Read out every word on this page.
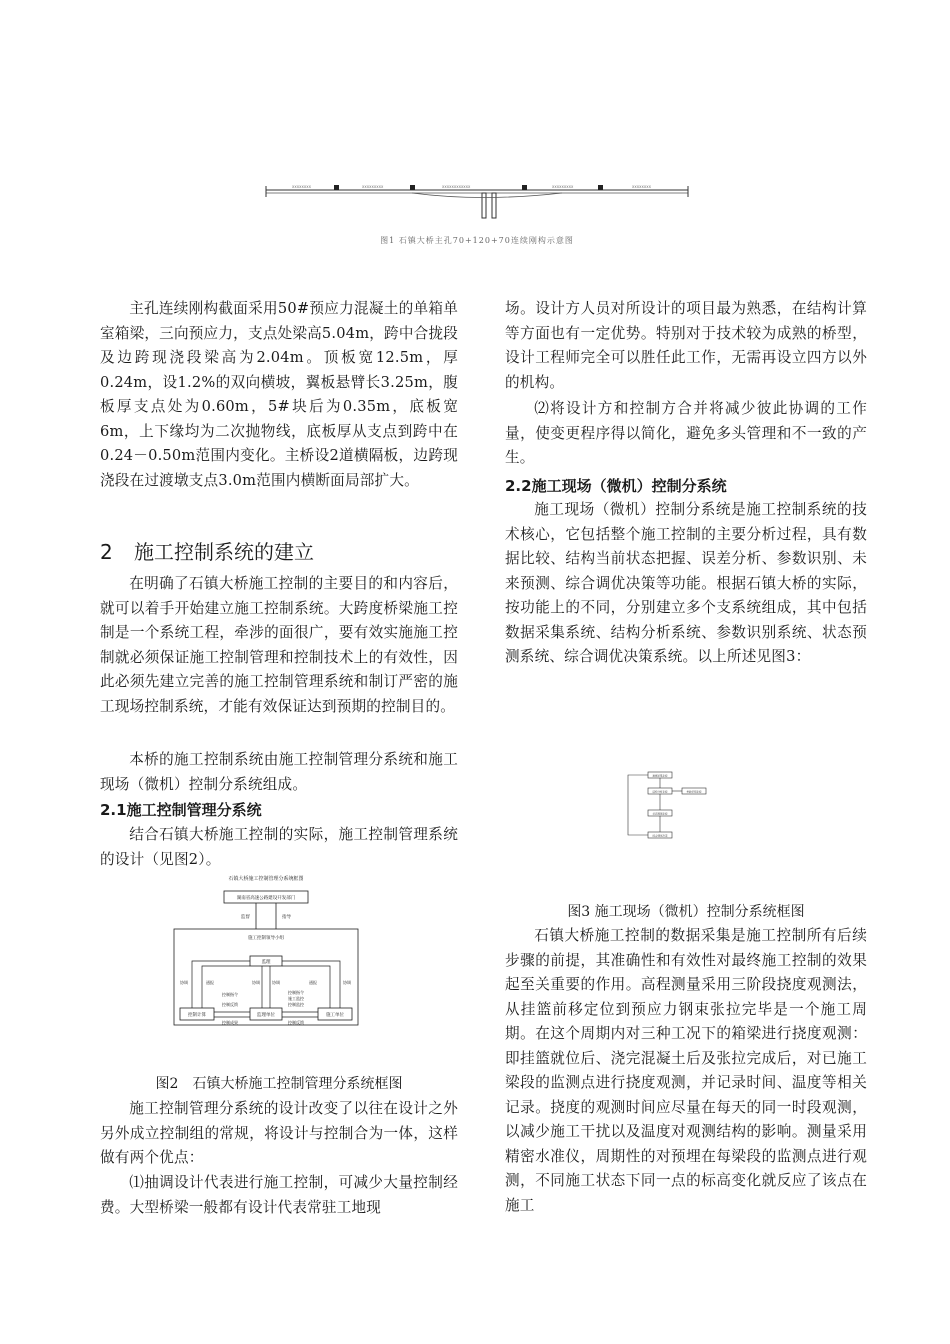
xxxxxxxx	xxxxxxxxx	xxxxxxxxxxxx	xxxxxxxxx	xxxxxxxx
图1 石镇大桥主孔70+120+70连续刚构示意图

主孔连续刚构截面采用50#预应力混凝土的单箱单室箱梁，三向预应力，支点处梁高5.04m，跨中合拢段及边跨现浇段梁高为2.04m。顶板宽12.5m，厚0.24m，设1.2%的双向横坡，翼板悬臂长3.25m，腹板厚支点处为0.60m，5#块后为0.35m，底板宽6m，上下缘均为二次抛物线，底板厚从支点到跨中在0.24－0.50m范围内变化。主桥设2道横隔板，边跨现浇段在过渡墩支点3.0m范围内横断面局部扩大。

2 施工控制系统的建立

在明确了石镇大桥施工控制的主要目的和内容后，就可以着手开始建立施工控制系统。大跨度桥梁施工控制是一个系统工程，牵涉的面很广，要有效实施施工控制就必须保证施工控制管理和控制技术上的有效性，因此必须先建立完善的施工控制管理系统和制订严密的施工现场控制系统，才能有效保证达到预期的控制目的。

本桥的施工控制系统由施工控制管理分系统和施工现场（微机）控制分系统组成。

2.1施工控制管理分系统

结合石镇大桥施工控制的实际，施工控制管理系统的设计（见图2）。

石镇大桥施工控制管理分系统框图
湖南省高速公路建设开发部门
监督	指导
施工控制领导小组
监理
控制计算	监理单位	施工单位
协调	通报	协调	通报	协调
协调
控制指令	控制指令
施工监控
控制成果
控制反馈
控制反馈
控制监控
图2　石镇大桥施工控制管理分系统框图

施工控制管理分系统的设计改变了以往在设计之外另外成立控制组的常规，将设计与控制合为一体，这样做有两个优点：

⑴抽调设计代表进行施工控制，可减少大量控制经费。大型桥梁一般都有设计代表常驻工地现

场。设计方人员对所设计的项目最为熟悉，在结构计算等方面也有一定优势。特别对于技术较为成熟的桥型，设计工程师完全可以胜任此工作，无需再设立四方以外的机构。

⑵将设计方和控制方合并将减少彼此协调的工作量，使变更程序得以简化，避免多头管理和不一致的产生。

2.2施工现场（微机）控制分系统

施工现场（微机）控制分系统是施工控制系统的技术核心，它包括整个施工控制的主要分析过程，具有数据比较、结构当前状态把握、误差分析、参数识别、未来预测、综合调优决策等功能。根据石镇大桥的实际，按功能上的不同，分别建立多个支系统组成，其中包括数据采集系统、结构分析系统、参数识别系统、状态预测系统、综合调优决策系统。以上所述见图3：

数据采集系统
结构分析系统	参数识别系统
状态预测系统
综合调优决策
图3 施工现场（微机）控制分系统框图

石镇大桥施工控制的数据采集是施工控制所有后续步骤的前提，其准确性和有效性对最终施工控制的效果起至关重要的作用。高程测量采用三阶段挠度观测法，从挂篮前移定位到预应力钢束张拉完毕是一个施工周期。在这个周期内对三种工况下的箱梁进行挠度观测：即挂篮就位后、浇完混凝土后及张拉完成后，对已施工梁段的监测点进行挠度观测，并记录时间、温度等相关记录。挠度的观测时间应尽量在每天的同一时段观测，以减少施工干扰以及温度对观测结构的影响。测量采用精密水准仪，周期性的对预埋在每梁段的监测点进行观测，不同施工状态下同一点的标高变化就反应了该点在施工
